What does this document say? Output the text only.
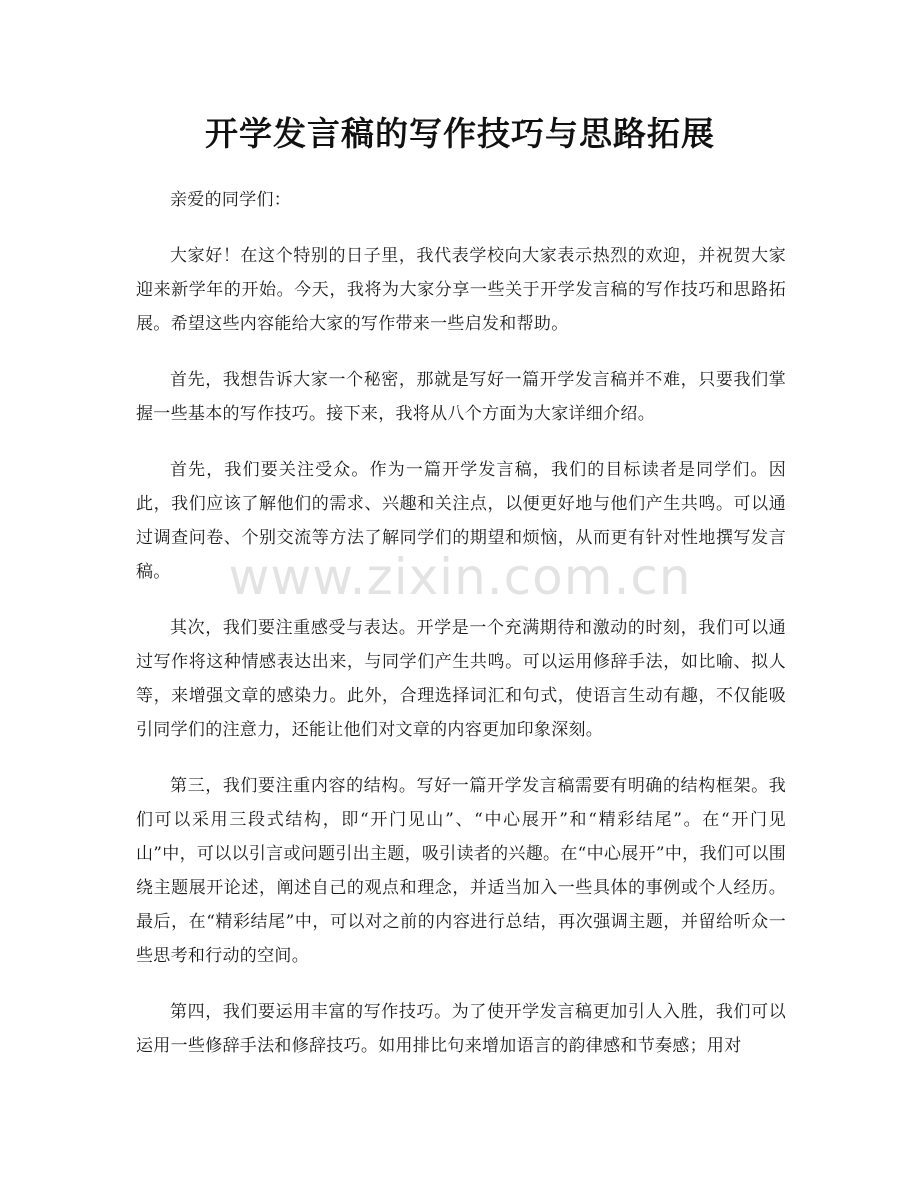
开学发言稿的写作技巧与思路拓展

亲爱的同学们：

大家好！在这个特别的日子里，我代表学校向大家表示热烈的欢迎，并祝贺大家迎来新学年的开始。今天，我将为大家分享一些关于开学发言稿的写作技巧和思路拓展。希望这些内容能给大家的写作带来一些启发和帮助。

首先，我想告诉大家一个秘密，那就是写好一篇开学发言稿并不难，只要我们掌握一些基本的写作技巧。接下来，我将从八个方面为大家详细介绍。

首先，我们要关注受众。作为一篇开学发言稿，我们的目标读者是同学们。因此，我们应该了解他们的需求、兴趣和关注点，以便更好地与他们产生共鸣。可以通过调查问卷、个别交流等方法了解同学们的期望和烦恼，从而更有针对性地撰写发言稿。

其次，我们要注重感受与表达。开学是一个充满期待和激动的时刻，我们可以通过写作将这种情感表达出来，与同学们产生共鸣。可以运用修辞手法，如比喻、拟人等，来增强文章的感染力。此外，合理选择词汇和句式，使语言生动有趣，不仅能吸引同学们的注意力，还能让他们对文章的内容更加印象深刻。

第三，我们要注重内容的结构。写好一篇开学发言稿需要有明确的结构框架。我们可以采用三段式结构，即“开门见山”、“中心展开”和“精彩结尾”。在“开门见山”中，可以以引言或问题引出主题，吸引读者的兴趣。在“中心展开”中，我们可以围绕主题展开论述，阐述自己的观点和理念，并适当加入一些具体的事例或个人经历。最后，在“精彩结尾”中，可以对之前的内容进行总结，再次强调主题，并留给听众一些思考和行动的空间。

第四，我们要运用丰富的写作技巧。为了使开学发言稿更加引人入胜，我们可以运用一些修辞手法和修辞技巧。如用排比句来增加语言的韵律感和节奏感；用对

www.zixin.com.cn
